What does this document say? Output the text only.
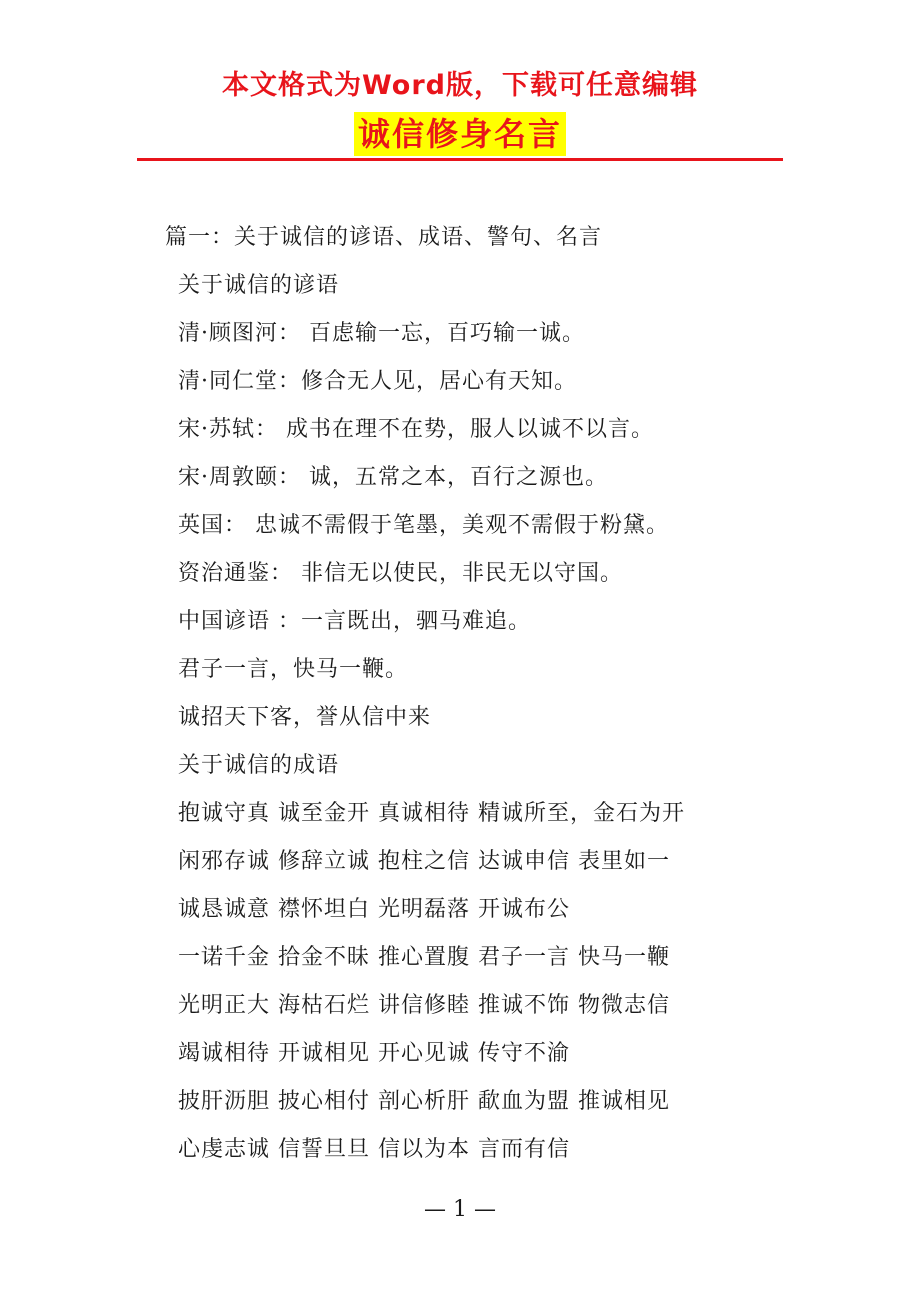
本文格式为Word版，下载可任意编辑
诚信修身名言
篇一：关于诚信的谚语、成语、警句、名言
关于诚信的谚语
清·顾图河： 百虑输一忘，百巧输一诚。
清·同仁堂：修合无人见，居心有天知。
宋·苏轼： 成书在理不在势，服人以诚不以言。
宋·周敦颐： 诚，五常之本，百行之源也。
英国： 忠诚不需假于笔墨，美观不需假于粉黛。
资治通鉴： 非信无以使民，非民无以守国。
中国谚语 ：一言既出，驷马难追。
君子一言，快马一鞭。
诚招天下客，誉从信中来
关于诚信的成语
抱诚守真 诚至金开 真诚相待 精诚所至，金石为开
闲邪存诚 修辞立诚 抱柱之信 达诚申信 表里如一
诚恳诚意 襟怀坦白 光明磊落 开诚布公
一诺千金 拾金不昧 推心置腹 君子一言 快马一鞭
光明正大 海枯石烂 讲信修睦 推诚不饰 物微志信
竭诚相待 开诚相见 开心见诚 传守不渝
披肝沥胆 披心相付 剖心析肝 歃血为盟 推诚相见
心虔志诚 信誓旦旦 信以为本 言而有信
— 1 —
